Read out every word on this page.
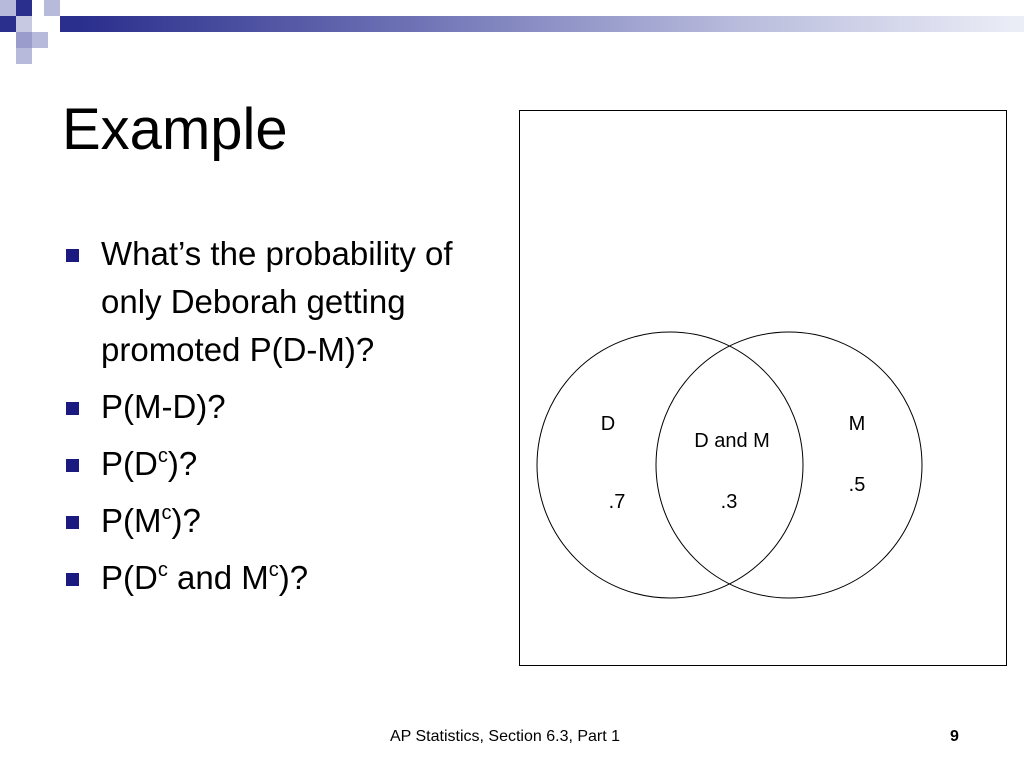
Example
What’s the probability of only Deborah getting promoted P(D-M)?
P(M-D)?
$P(D^c)$?
$P(M^c)$?
$P(D^c$ and $M^c$)?
D	M
D and M
.7	.3
.5
AP Statistics, Section 6.3, Part 1	9
